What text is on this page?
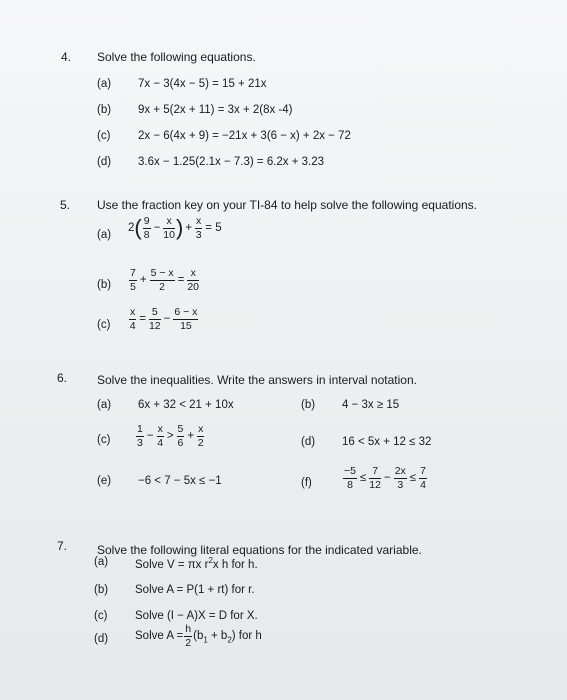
4. Solve the following equations.
(a) 7x − 3(4x − 5) = 15 + 21x
(b) 9x + 5(2x + 11) = 3x + 2(8x -4)
(c) 2x − 6(4x + 9) = −21x + 3(6 − x) + 2x − 72
(d) 3.6x − 1.25(2.1x − 7.3) = 6.2x + 3.23
5. Use the fraction key on your TI-84 to help solve the following equations.
(a)
$2( \frac{9}{8} - \frac{x}{10}$ ) + $\frac{x}{3} = 5$
$(b) \frac{7}{5} + \frac{5 - x}{2} = \frac{x}{20}$
$(c) \frac{x}{4} = \frac{5}{12} - \frac{6 - x}{15}$
6. Solve the inequalities. Write the answers in interval notation.
(a) 6x + 32 < 21 + 10x	(b) 4 − 3x ≥ 15
$(c) \frac{1}{3} - \frac{x}{4} > \frac{5}{6} + \frac{x}{2}$	(d) 16 < 5x + 12 ≤ 32
(e) −6 < 7 − 5x ≤ −1	(f)	$\frac{-5}{8} \le \frac{7}{12} - \frac{2x}{3} \le \frac{7}{4}$
7. Solve the following literal equations for the indicated variable.
(a) Solve V = πx $r^2x$ h for h.
(b) Solve A = P(1 + rt) for r.
(c) Solve (I − A)X = D for X.
(d) Solve $A = \frac{h}{2} (b_1 + b_2)$ for h
